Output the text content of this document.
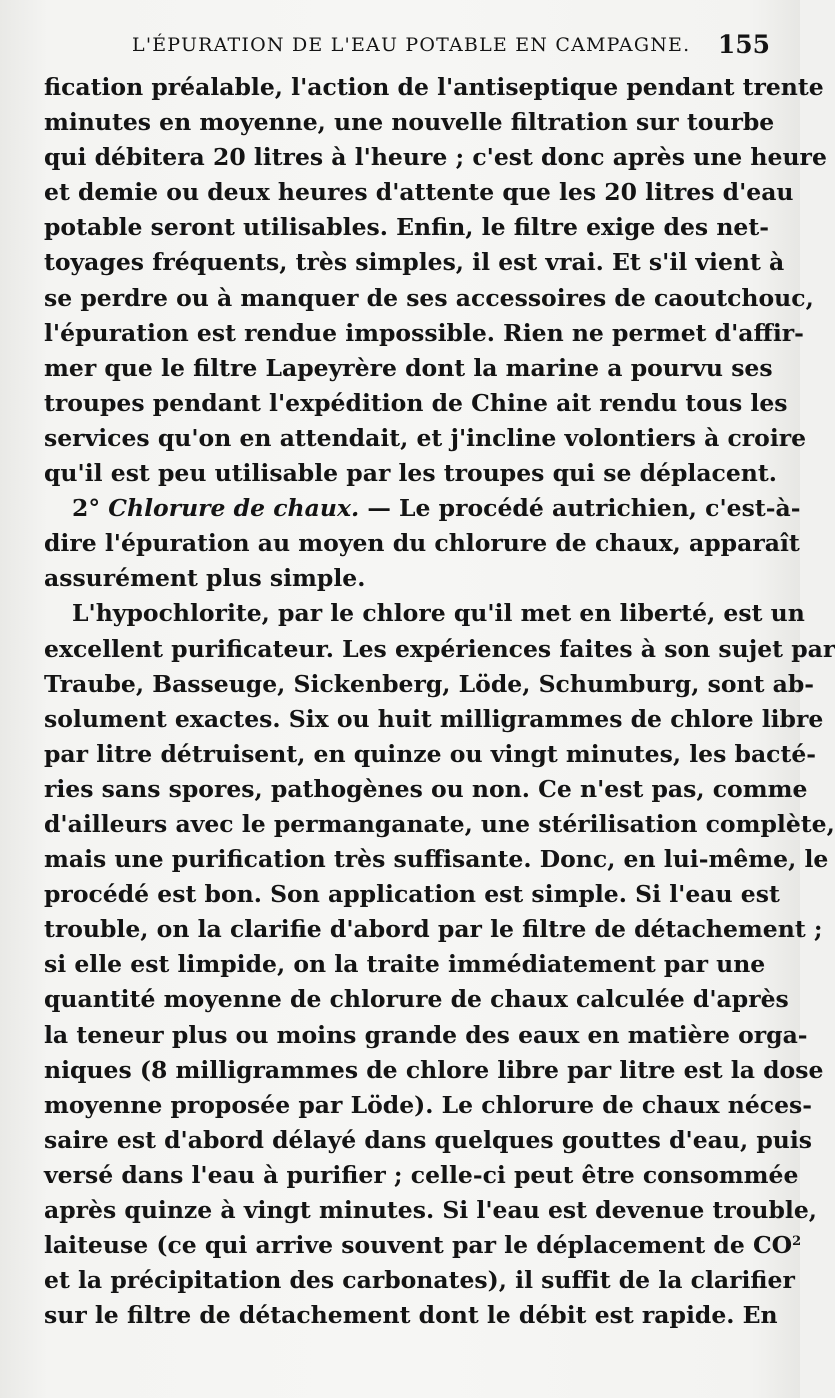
L'ÉPURATION DE L'EAU POTABLE EN CAMPAGNE. 155
fication préalable, l'action de l'antiseptique pendant trente
minutes en moyenne, une nouvelle filtration sur tourbe
qui débitera 20 litres à l'heure ; c'est donc après une heure
et demie ou deux heures d'attente que les 20 litres d'eau
potable seront utilisables. Enfin, le filtre exige des net-
toyages fréquents, très simples, il est vrai. Et s'il vient à
se perdre ou à manquer de ses accessoires de caoutchouc,
l'épuration est rendue impossible. Rien ne permet d'affir-
mer que le filtre Lapeyrère dont la marine a pourvu ses
troupes pendant l'expédition de Chine ait rendu tous les
services qu'on en attendait, et j'incline volontiers à croire
qu'il est peu utilisable par les troupes qui se déplacent.
2° Chlorure de chaux. — Le procédé autrichien, c'est-à-
dire l'épuration au moyen du chlorure de chaux, apparaît
assurément plus simple.
L'hypochlorite, par le chlore qu'il met en liberté, est un
excellent purificateur. Les expériences faites à son sujet par
Traube, Basseuge, Sickenberg, Löde, Schumburg, sont ab-
solument exactes. Six ou huit milligrammes de chlore libre
par litre détruisent, en quinze ou vingt minutes, les bacté-
ries sans spores, pathogènes ou non. Ce n'est pas, comme
d'ailleurs avec le permanganate, une stérilisation complète,
mais une purification très suffisante. Donc, en lui-même, le
procédé est bon. Son application est simple. Si l'eau est
trouble, on la clarifie d'abord par le filtre de détachement ;
si elle est limpide, on la traite immédiatement par une
quantité moyenne de chlorure de chaux calculée d'après
la teneur plus ou moins grande des eaux en matière orga-
niques (8 milligrammes de chlore libre par litre est la dose
moyenne proposée par Löde). Le chlorure de chaux néces-
saire est d'abord délayé dans quelques gouttes d'eau, puis
versé dans l'eau à purifier ; celle-ci peut être consommée
après quinze à vingt minutes. Si l'eau est devenue trouble,
laiteuse (ce qui arrive souvent par le déplacement de $CO^2$
et la précipitation des carbonates), il suffit de la clarifier
sur le filtre de détachement dont le débit est rapide. En
